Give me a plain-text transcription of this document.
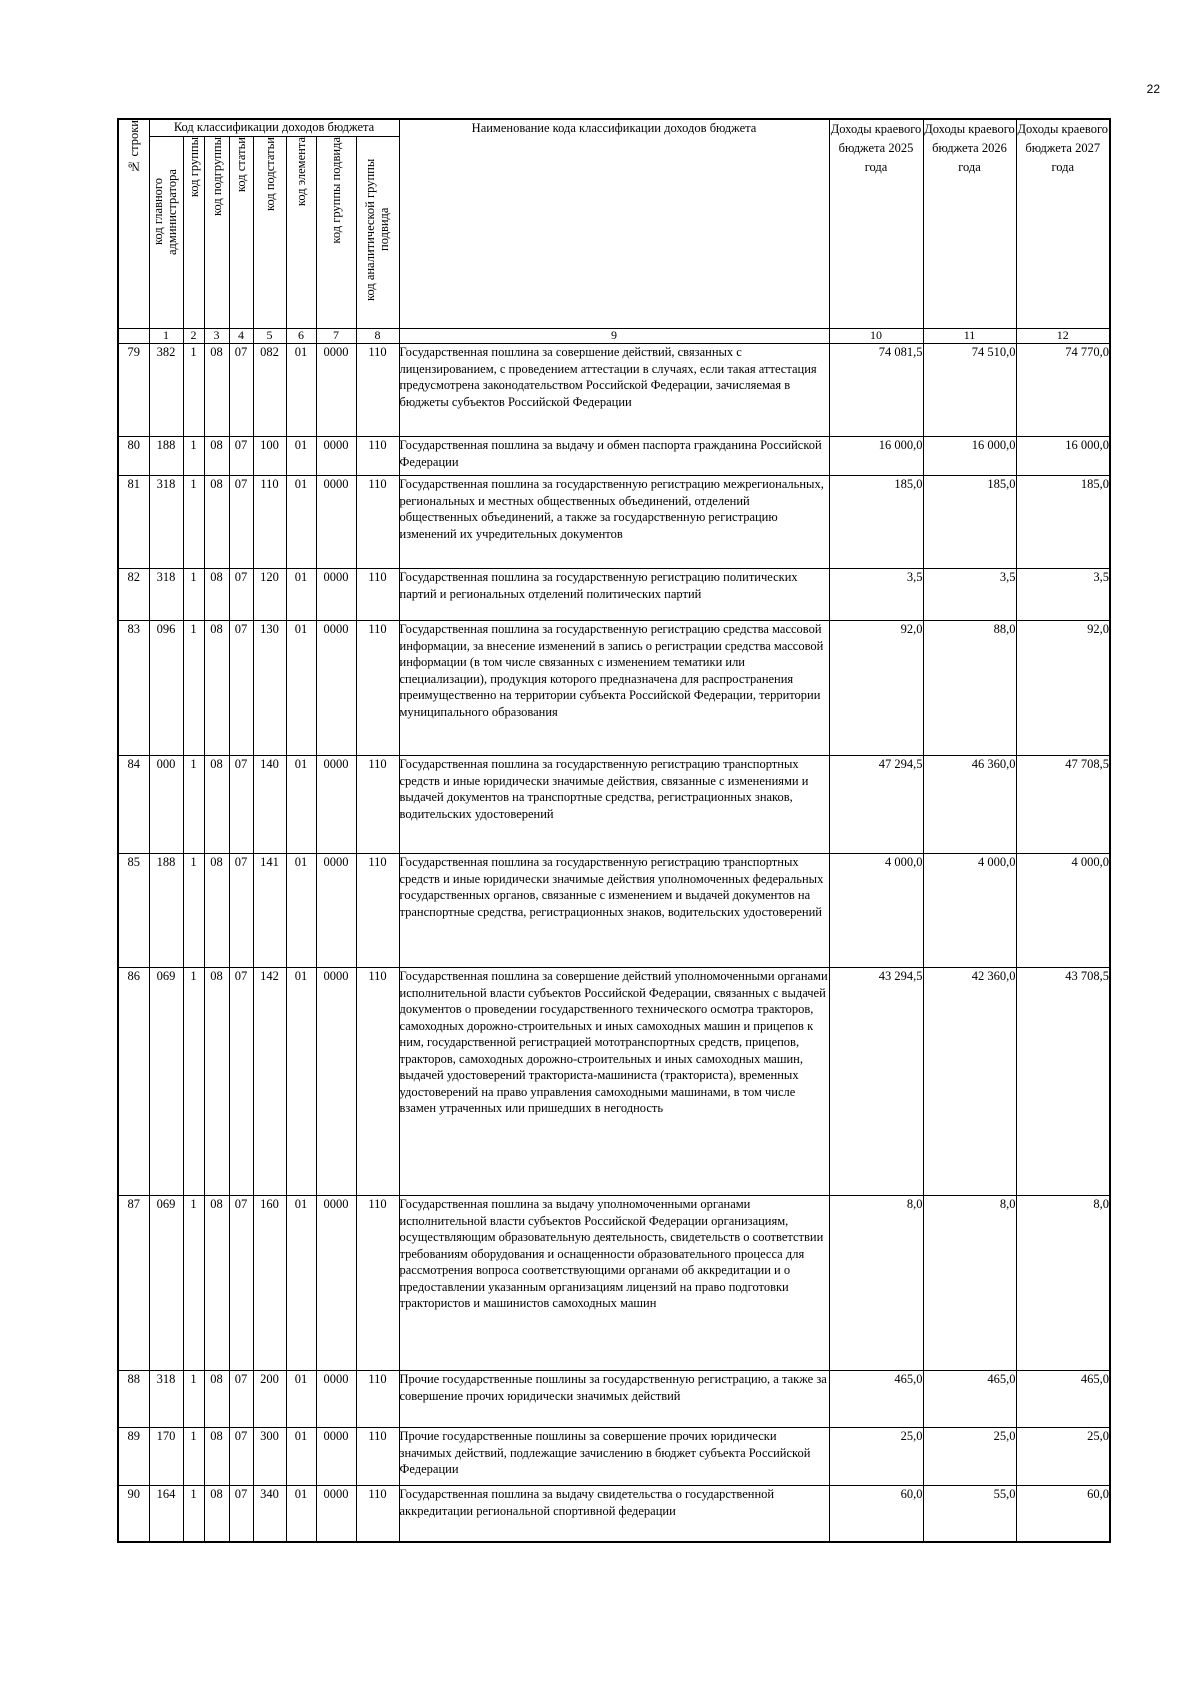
22
№ строки	Код классификации доходов бюджета								Наименование кода классификации доходов бюджета	Доходы краевого бюджета 2025 года	Доходы краевого бюджета 2026 года	Доходы краевого бюджета 2027 года

	код главного администратора	код группы	код подгруппы	код статьи	код подстатьи	код элемента	код группы подвида	код аналитической группы подвида				

	1	2	3	4	5	6	7	8	9	10	11	12
79	382	1	08	07	082	01	0000	110	Государственная пошлина за совершение действий, связанных с лицензированием, с проведением аттестации в случаях, если такая аттестация предусмотрена законодательством Российской Федерации, зачисляемая в бюджеты субъектов Российской Федерации	74 081,5	74 510,0	74 770,0
80	188	1	08	07	100	01	0000	110	Государственная пошлина за выдачу и обмен паспорта гражданина Российской Федерации	16 000,0	16 000,0	16 000,0
81	318	1	08	07	110	01	0000	110	Государственная пошлина за государственную регистрацию межрегиональных, региональных и местных общественных объединений, отделений общественных объединений, а также за государственную регистрацию изменений их учредительных документов	185,0	185,0	185,0
82	318	1	08	07	120	01	0000	110	Государственная пошлина за государственную регистрацию политических партий и региональных отделений политических партий	3,5	3,5	3,5
83	096	1	08	07	130	01	0000	110	Государственная пошлина за государственную регистрацию средства массовой информации, за внесение изменений в запись о регистрации средства массовой информации (в том числе связанных с изменением тематики или специализации), продукция которого предназначена для распространения преимущественно на территории субъекта Российской Федерации, территории муниципального образования	92,0	88,0	92,0
84	000	1	08	07	140	01	0000	110	Государственная пошлина за государственную регистрацию транспортных средств и иные юридически значимые действия, связанные с изменениями и выдачей документов на транспортные средства, регистрационных знаков, водительских удостоверений	47 294,5	46 360,0	47 708,5
85	188	1	08	07	141	01	0000	110	Государственная пошлина за государственную регистрацию транспортных средств и иные юридически значимые действия уполномоченных федеральных государственных органов, связанные с изменением и выдачей документов на транспортные средства, регистрационных знаков, водительских удостоверений	4 000,0	4 000,0	4 000,0
86	069	1	08	07	142	01	0000	110	Государственная пошлина за совершение действий уполномоченными органами исполнительной власти субъектов Российской Федерации, связанных с выдачей документов о проведении государственного технического осмотра тракторов, самоходных дорожно-строительных и иных самоходных машин и прицепов к ним, государственной регистрацией мототранспортных средств, прицепов, тракторов, самоходных дорожно-строительных и иных самоходных машин, выдачей удостоверений тракториста-машиниста (тракториста), временных удостоверений на право управления самоходными машинами, в том числе взамен утраченных или пришедших в негодность	43 294,5	42 360,0	43 708,5
87	069	1	08	07	160	01	0000	110	Государственная пошлина за выдачу уполномоченными органами исполнительной власти субъектов Российской Федерации организациям, осуществляющим образовательную деятельность, свидетельств о соответствии требованиям оборудования и оснащенности образовательного процесса для рассмотрения вопроса соответствующими органами об аккредитации и о предоставлении указанным организациям лицензий на право подготовки трактористов и машинистов самоходных машин	8,0	8,0	8,0
88	318	1	08	07	200	01	0000	110	Прочие государственные пошлины за государственную регистрацию, а также за совершение прочих юридически значимых действий	465,0	465,0	465,0
89	170	1	08	07	300	01	0000	110	Прочие государственные пошлины за совершение прочих юридически значимых действий, подлежащие зачислению в бюджет субъекта Российской Федерации	25,0	25,0	25,0
90	164	1	08	07	340	01	0000	110	Государственная пошлина за выдачу свидетельства о государственной аккредитации региональной спортивной федерации	60,0	55,0	60,0
